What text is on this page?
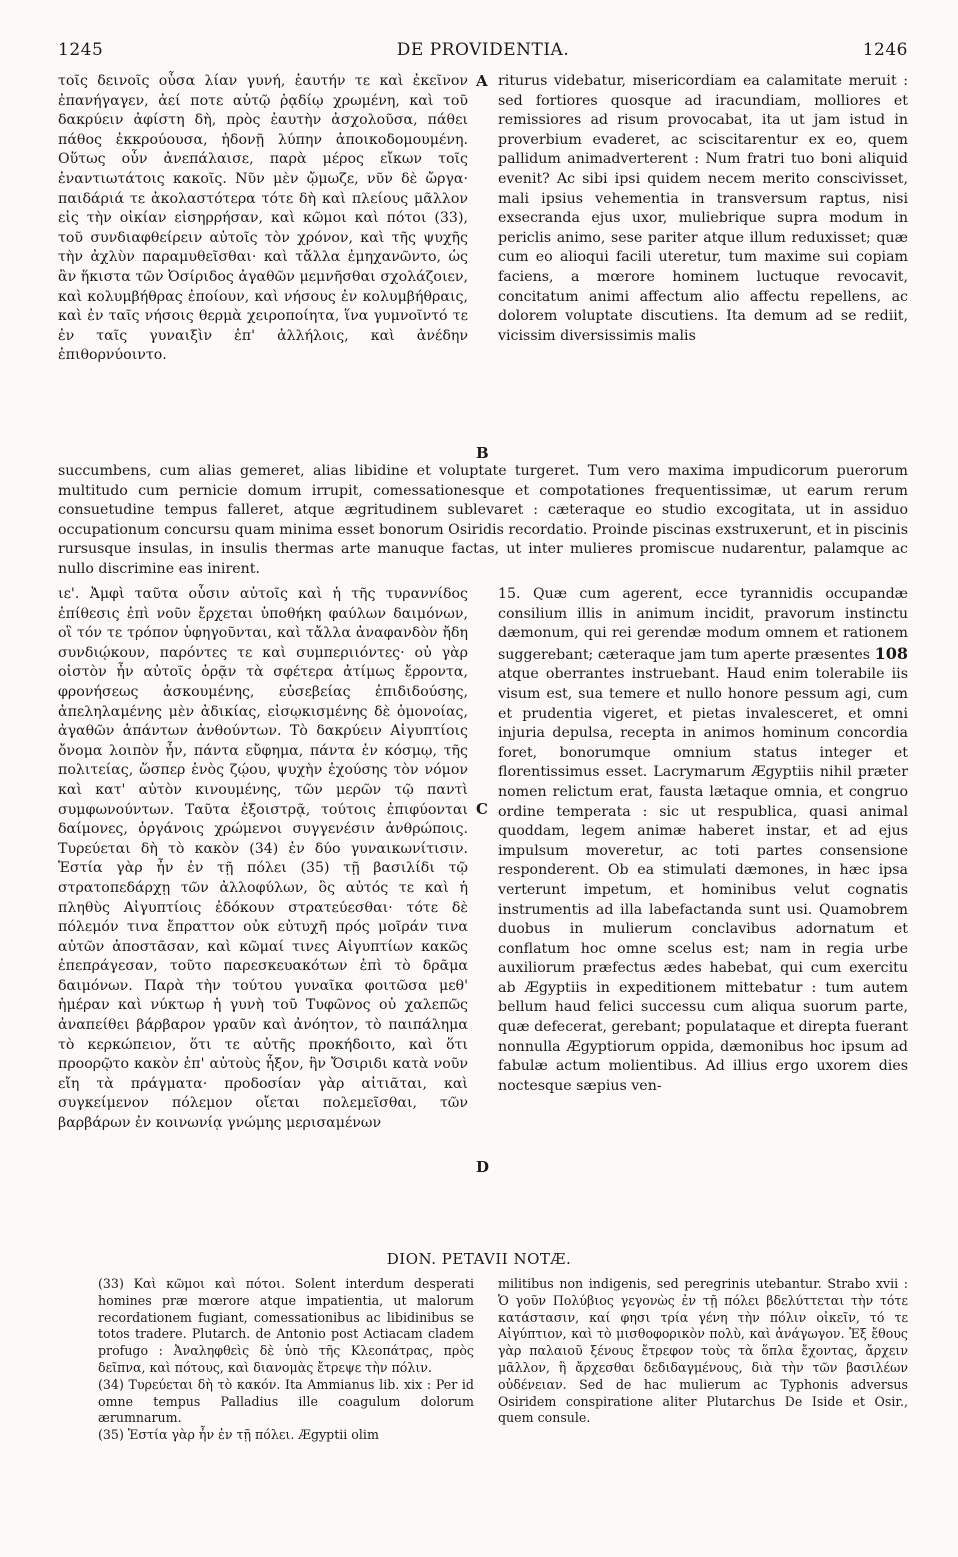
1245	DE PROVIDENTIA.	1246

τοῖς δεινοῖς οὖσα λίαν γυνή, ἑαυτήν τε καὶ ἐκεῖνον ἐπανήγαγεν, ἀεί ποτε αὐτῷ ῥᾳδίῳ χρωμένη, καὶ τοῦ δακρύειν ἀφίστη δὴ, πρὸς ἑαυτὴν ἀσχολοῦσα, πάθει πάθος ἐκκρούουσα, ἡδονῇ λύπην ἀποικοδομουμένη. Οὕτως οὖν ἀνεπάλαισε, παρὰ μέρος εἴκων τοῖς ἐναντιωτάτοις κακοῖς. Νῦν μὲν ᾤμωζε, νῦν δὲ ὤργα· παιδάριά τε ἀκολαστότερα τότε δὴ καὶ πλείους μᾶλλον εἰς τὴν οἰκίαν εἰσηρρήσαν, καὶ κῶμοι καὶ πότοι (33), τοῦ συνδιαφθείρειν αὐτοῖς τὸν χρόνον, καὶ τῆς ψυχῆς τὴν ἀχλὺν παραμυθεῖσθαι· καὶ τἄλλα ἐμηχανῶντο, ὡς ἂν ἥκιστα τῶν Ὀσίριδος ἀγαθῶν μεμνῆσθαι σχολάζοιεν, καὶ κολυμβήθρας ἐποίουν, καὶ νήσους ἐν κολυμβήθραις, καὶ ἐν ταῖς νήσοις θερμὰ χειροποίητα, ἵνα γυμνοῖντό τε ἐν ταῖς γυναιξὶν ἐπ' ἀλλήλοις, καὶ ἀνέδην ἐπιθορνύοιντο.

A
B

riturus videbatur, misericordiam ea calamitate meruit : sed fortiores quosque ad iracundiam, molliores et remissiores ad risum provocabat, ita ut jam istud in proverbium evaderet, ac sciscitarentur ex eo, quem pallidum animadverterent : Num fratri tuo boni aliquid evenit? Ac sibi ipsi quidem necem merito conscivisset, mali ipsius vehementia in transversum raptus, nisi exsecranda ejus uxor, muliebrique supra modum in periclis animo, sese pariter atque illum reduxisset; quæ cum eo alioqui facili uteretur, tum maxime sui copiam faciens, a mœrore hominem luctuque revocavit, concitatum animi affectum alio affectu repellens, ac dolorem voluptate discutiens. Ita demum ad se rediit, vicissim diversissimis malis

succumbens, cum alias gemeret, alias libidine et voluptate turgeret. Tum vero maxima impudicorum puerorum multitudo cum pernicie domum irrupit, comessationesque et compotationes frequentissimæ, ut earum rerum consuetudine tempus falleret, atque ægritudinem sublevaret : cæteraque eo studio excogitata, ut in assiduo occupationum concursu quam minima esset bonorum Osiridis recordatio. Proinde piscinas exstruxerunt, et in piscinis rursusque insulas, in insulis thermas arte manuque factas, ut inter mulieres promiscue nudarentur, palamque ac nullo discrimine eas inirent.

ιε'. Ἀμφὶ ταῦτα οὖσιν αὐτοῖς καὶ ἡ τῆς τυραννίδος ἐπίθεσις ἐπὶ νοῦν ἔρχεται ὑποθήκη φαύλων δαιμόνων, οἳ τόν τε τρόπον ὑφηγοῦνται, καὶ τἄλλα ἀναφανδὸν ἤδη συνδιῴκουν, παρόντες τε καὶ συμπεριιόντες· οὐ γὰρ οἰστὸν ἦν αὐτοῖς ὁρᾷν τὰ σφέτερα ἀτίμως ἔρροντα, φρονήσεως ἀσκουμένης, εὐσεβείας ἐπιδιδούσης, ἀπεληλαμένης μὲν ἀδικίας, εἰσῳκισμένης δὲ ὁμονοίας, ἀγαθῶν ἁπάντων ἀνθούντων. Τὸ δακρύειν Αἰγυπτίοις ὄνομα λοιπὸν ἦν, πάντα εὔφημα, πάντα ἐν κόσμῳ, τῆς πολιτείας, ὥσπερ ἑνὸς ζῴου, ψυχὴν ἐχούσης τὸν νόμον καὶ κατ' αὐτὸν κινουμένης, τῶν μερῶν τῷ παντὶ συμφωνούντων. Ταῦτα ἐξοιστρᾷ, τούτοις ἐπιφύονται δαίμονες, ὀργάνοις χρώμενοι συγγενέσιν ἀνθρώποις. Τυρεύεται δὴ τὸ κακὸν (34) ἐν δύο γυναικωνίτισιν. Ἑστία γὰρ ἦν ἐν τῇ πόλει (35) τῇ βασιλίδι τῷ στρατοπεδάρχῃ τῶν ἀλλοφύλων, ὃς αὐτός τε καὶ ἡ πληθὺς Αἰγυπτίοις ἐδόκουν στρατεύεσθαι· τότε δὲ πόλεμόν τινα ἔπραττον οὐκ εὐτυχῆ πρός μοῖράν τινα αὐτῶν ἀποστᾶσαν, καὶ κῶμαί τινες Αἰγυπτίων κακῶς ἐπεπράγεσαν, τοῦτο παρεσκευακότων ἐπὶ τὸ δρᾶμα δαιμόνων. Παρὰ τὴν τούτου γυναῖκα φοιτῶσα μεθ' ἡμέραν καὶ νύκτωρ ἡ γυνὴ τοῦ Τυφῶνος οὐ χαλεπῶς ἀναπείθει βάρβαρον γραῦν καὶ ἀνόητον, τὸ παιπάλημα τὸ κερκώπειον, ὅτι τε αὐτῆς προκήδοιτο, καὶ ὅτι προορῷτο κακὸν ἐπ' αὐτοὺς ἧξον, ἣν Ὄσιριδι κατὰ νοῦν εἴη τὰ πράγματα· προδοσίαν γὰρ αἰτιᾶται, καὶ συγκείμενον πόλεμον οἴεται πολεμεῖσθαι, τῶν βαρβάρων ἐν κοινωνίᾳ γνώμης μερισαμένων

C
D

15. Quæ cum agerent, ecce tyrannidis occupandæ consilium illis in animum incidit, pravorum instinctu dæmonum, qui rei gerendæ modum omnem et rationem suggerebant; cæteraque jam tum aperte præsentes 108 atque oberrantes instruebant. Haud enim tolerabile iis visum est, sua temere et nullo honore pessum agi, cum et prudentia vigeret, et pietas invalesceret, et omni injuria depulsa, recepta in animos hominum concordia foret, bonorumque omnium status integer et florentissimus esset. Lacrymarum Ægyptiis nihil præter nomen relictum erat, fausta lætaque omnia, et congruo ordine temperata : sic ut respublica, quasi animal quoddam, legem animæ haberet instar, et ad ejus impulsum moveretur, ac toti partes consensione responderent. Ob ea stimulati dæmones, in hæc ipsa verterunt impetum, et hominibus velut cognatis instrumentis ad illa labefactanda sunt usi. Quamobrem duobus in mulierum conclavibus adornatum et conflatum hoc omne scelus est; nam in regia urbe auxiliorum præfectus ædes habebat, qui cum exercitu ab Ægyptiis in expeditionem mittebatur : tum autem bellum haud felici successu cum aliqua suorum parte, quæ defecerat, gerebant; populataque et direpta fuerant nonnulla Ægyptiorum oppida, dæmonibus hoc ipsum ad fabulæ actum molientibus. Ad illius ergo uxorem dies noctesque sæpius ven-

DION. PETAVII NOTÆ.

(33) Καὶ κῶμοι καὶ πότοι. Solent interdum desperati homines præ mœrore atque impatientia, ut malorum recordationem fugiant, comessationibus ac libidinibus se totos tradere. Plutarch. de Antonio post Actiacam cladem profugo : Ἀναληφθεὶς δὲ ὑπὸ τῆς Κλεοπάτρας, πρὸς δεῖπνα, καὶ πότους, καὶ διανομὰς ἔτρεψε τὴν πόλιν.

(34) Τυρεύεται δὴ τὸ κακόν. Ita Ammianus lib. xix : Per id omne tempus Palladius ille coagulum dolorum ærumnarum.

(35) Ἑστία γὰρ ἦν ἐν τῇ πόλει. Ægyptii olim

militibus non indigenis, sed peregrinis utebantur. Strabo xvii : Ὁ γοῦν Πολύβιος γεγονὼς ἐν τῇ πόλει βδελύττεται τὴν τότε κατάστασιν, καί φησι τρία γένη τὴν πόλιν οἰκεῖν, τό τε Αἰγύπτιον, καὶ τὸ μισθοφορικὸν πολὺ, καὶ ἀνάγωγον. Ἐξ ἔθους γὰρ παλαιοῦ ξένους ἔτρεφον τοὺς τὰ ὅπλα ἔχοντας, ἄρχειν μᾶλλον, ἢ ἄρχεσθαι δεδιδαγμένους, διὰ τὴν τῶν βασιλέων οὐδένειαν. Sed de hac mulierum ac Typhonis adversus Osiridem conspiratione aliter Plutarchus De Iside et Osir., quem consule.
